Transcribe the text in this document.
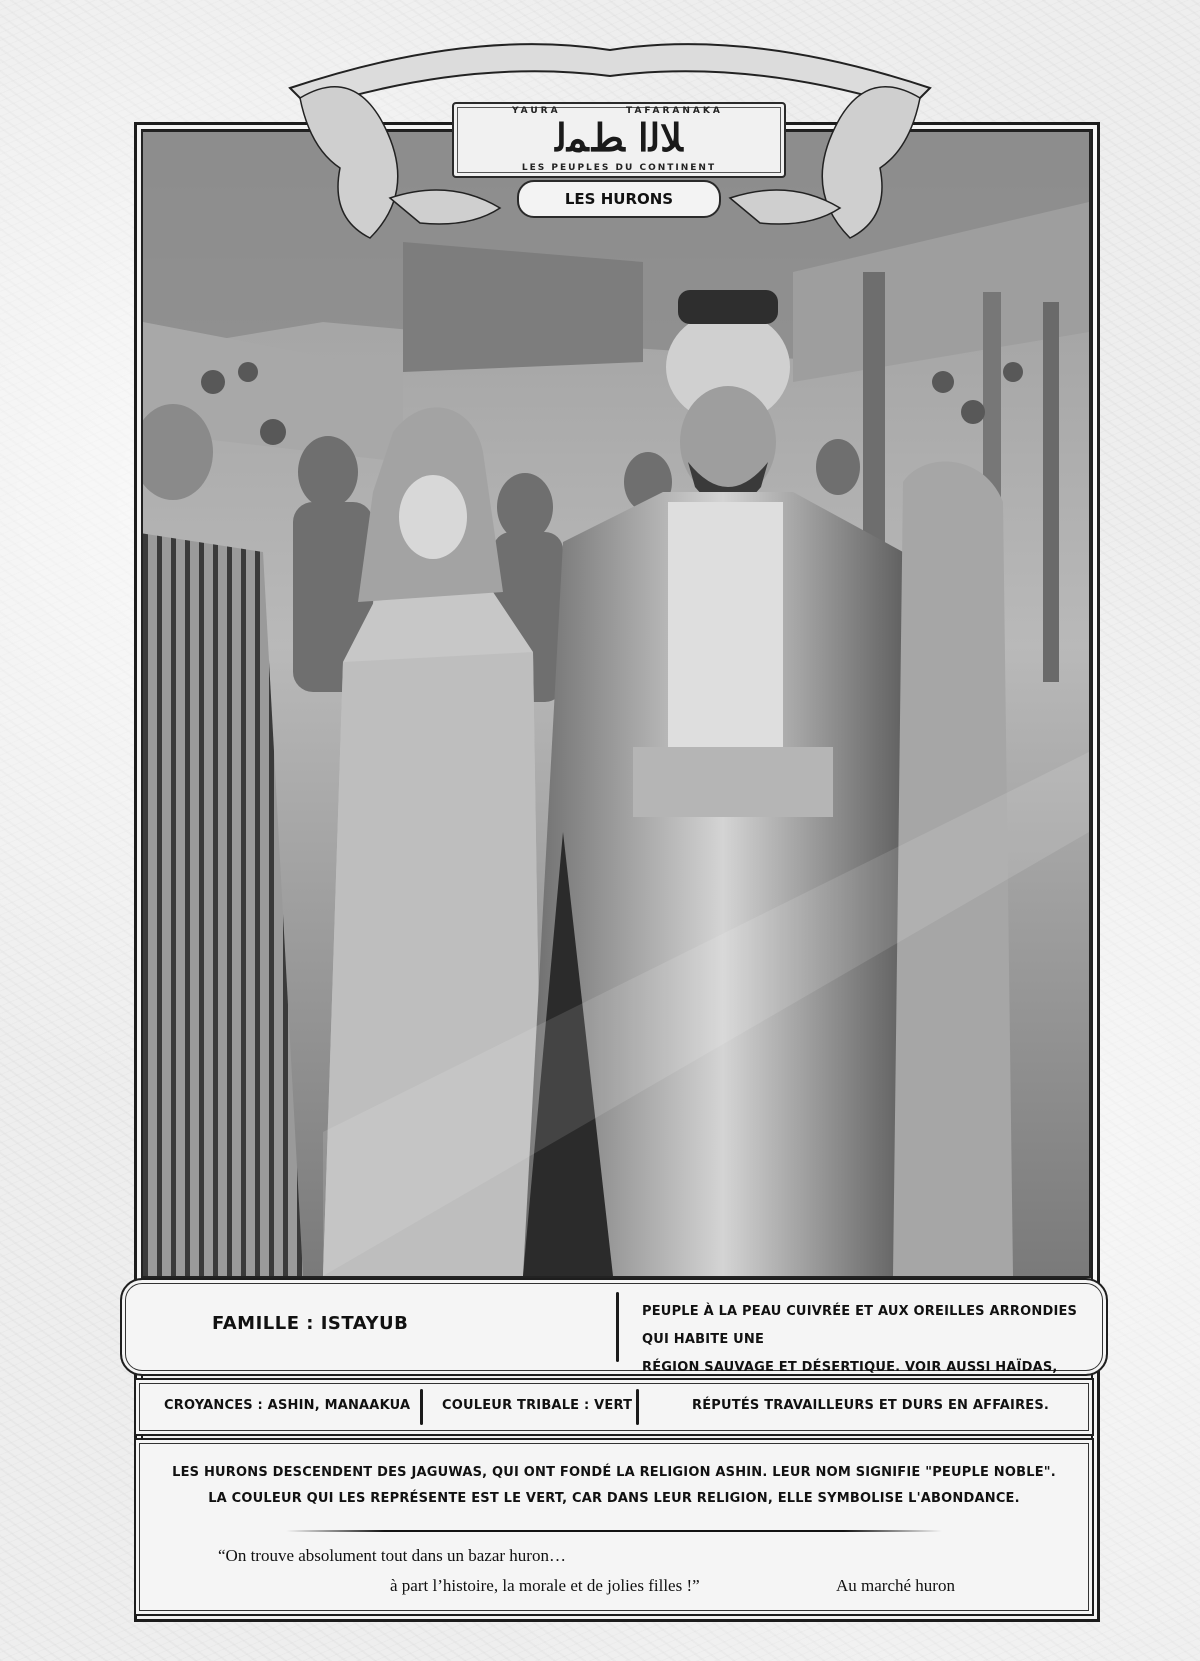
YAURA	TAFARANAKA
ﻼﻟﺍ ﻂﻤﻟ
LES PEUPLES DU CONTINENT
LES HURONS
FAMILLE : ISTAYUB
PEUPLE À LA PEAU CUIVRÉE ET AUX OREILLES ARRONDIES QUI HABITE UNE
RÉGION SAUVAGE ET DÉSERTIQUE. VOIR AUSSI HAÏDAS,
CROYANCES : ASHIN, MANAAKUA COULEUR TRIBALE : VERT	RÉPUTÉS TRAVAILLEURS ET DURS EN AFFAIRES.
LES HURONS DESCENDENT DES JAGUWAS, QUI ONT FONDÉ LA RELIGION ASHIN. LEUR NOM SIGNIFIE "PEUPLE NOBLE".
LA COULEUR QUI LES REPRÉSENTE EST LE VERT, CAR DANS LEUR RELIGION, ELLE SYMBOLISE L'ABONDANCE.
“On trouve absolument tout dans un bazar huron…
à part l’histoire, la morale et de jolies filles !”	Au marché huron
